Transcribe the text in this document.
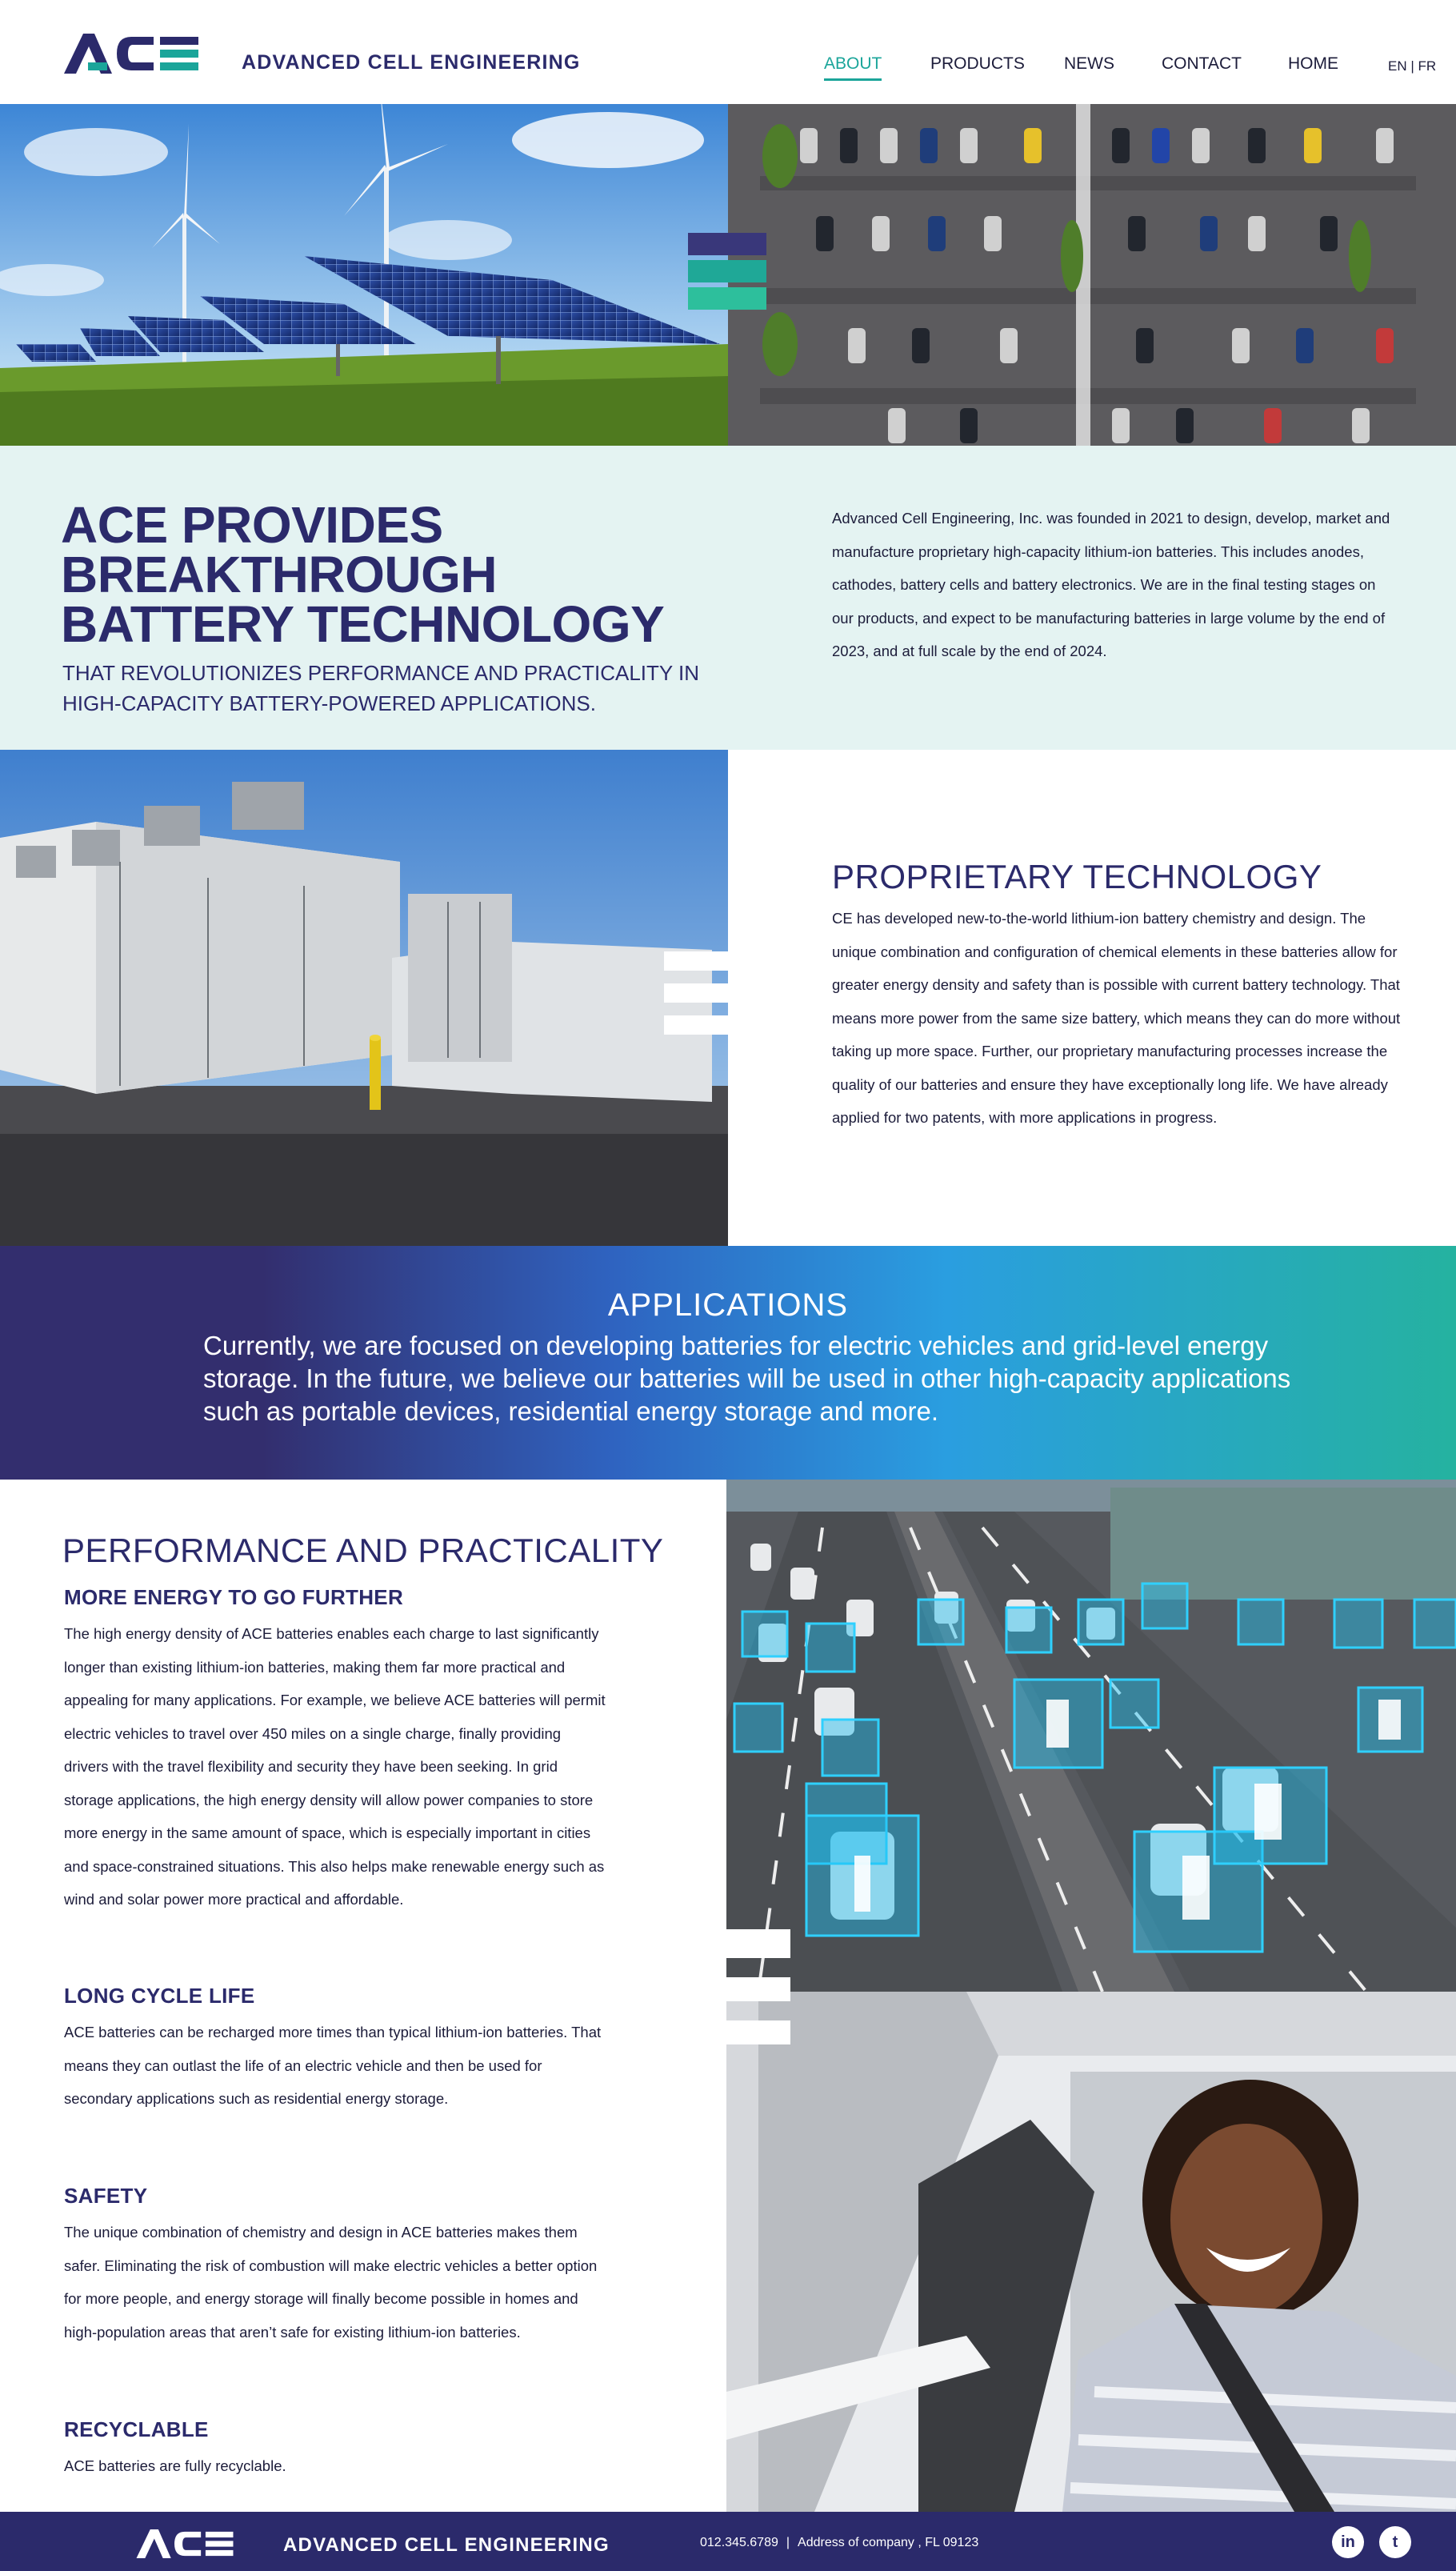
ADVANCED CELL ENGINEERING	ABOUT	PRODUCTS NEWS	CONTACT	HOME	EN | FR
ACE PROVIDES BREAKTHROUGH BATTERY TECHNOLOGY
THAT REVOLUTIONIZES PERFORMANCE AND PRACTICALITY IN HIGH-CAPACITY BATTERY-POWERED APPLICATIONS.
Advanced Cell Engineering, Inc. was founded in 2021 to design, develop, market and manufacture proprietary high-capacity lithium-ion batteries. This includes anodes, cathodes, battery cells and battery electronics. We are in the final testing stages on our products, and expect to be manufacturing batteries in large volume by the end of 2023, and at full scale by the end of 2024.
PROPRIETARY TECHNOLOGY
CE has developed new-to-the-world lithium-ion battery chemistry and design. The unique combination and configuration of chemical elements in these batteries allow for greater energy density and safety than is possible with current battery technology. That means more power from the same size battery, which means they can do more without taking up more space. Further, our proprietary manufacturing processes increase the quality of our batteries and ensure they have exceptionally long life. We have already applied for two patents, with more applications in progress.
APPLICATIONS

Currently, we are focused on developing batteries for electric vehicles and grid-level energy storage. In the future, we believe our batteries will be used in other high-capacity applications such as portable devices, residential energy storage and more.

PERFORMANCE AND PRACTICALITY
MORE ENERGY TO GO FURTHER
The high energy density of ACE batteries enables each charge to last significantly longer than existing lithium-ion batteries, making them far more practical and appealing for many applications. For example, we believe ACE batteries will permit electric vehicles to travel over 450 miles on a single charge, finally providing drivers with the travel flexibility and security they have been seeking. In grid storage applications, the high energy density will allow power companies to store more energy in the same amount of space, which is especially important in cities and space-constrained situations. This also helps make renewable energy such as wind and solar power more practical and affordable.
LONG CYCLE LIFE
ACE batteries can be recharged more times than typical lithium-ion batteries. That means they can outlast the life of an electric vehicle and then be used for secondary applications such as residential energy storage.
SAFETY
The unique combination of chemistry and design in ACE batteries makes them safer. Eliminating the risk of combustion will make electric vehicles a better option for more people, and energy storage will finally become possible in homes and high-population areas that aren’t safe for existing lithium-ion batteries.
RECYCLABLE
ACE batteries are fully recyclable.
ADVANCED CELL ENGINEERING	012.345.6789 | Address of company , FL 09123	in	t
